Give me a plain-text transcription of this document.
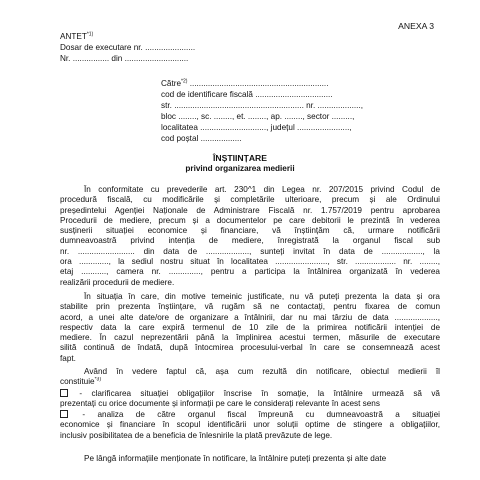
ANEXA 3
ANTET$^{*1)}$
Dosar de executare nr. ......................
Nr. ................ din ............................
Către$^{*2)}$ .............................................................
cod de identificare fiscală ..................................
str. ......................................................... nr. ...................,
bloc ........, sc. ........, et. ........, ap. ........, sector .........,
localitatea ............................., județul .......................,
cod poștal ..................
ÎNȘTIINȚARE
privind organizarea medierii
În conformitate cu prevederile art. 230^1 din Legea nr. 207/2015 privind Codul de
procedură fiscală, cu modificările și completările ulterioare, precum și ale Ordinului
președintelui Agenției Naționale de Administrare Fiscală nr. 1.757/2019 pentru aprobarea
Procedurii de mediere, precum și a documentelor pe care debitorii le prezintă în vederea
susținerii situației economice și financiare, vă înștiințăm că, urmare notificării
dumneavoastră privind intenția de mediere, înregistrată la organul fiscal sub
nr. ......................... din data de ..................., sunteți invitat în data de .................., la
ora ............., la sediul nostru situat în localitatea ......................., str. .................. nr. ........,
etaj ..........., camera nr. .............., pentru a participa la întâlnirea organizată în vederea
realizării procedurii de mediere.
În situația în care, din motive temeinic justificate, nu vă puteți prezenta la data și ora
stabilite prin prezenta înștiințare, vă rugăm să ne contactați, pentru fixarea de comun
acord, a unei alte date/ore de organizare a întâlnirii, dar nu mai târziu de data ...................,
respectiv data la care expiră termenul de 10 zile de la primirea notificării intenției de
mediere. În cazul neprezentării până la împlinirea acestui termen, măsurile de executare
silită continuă de îndată, după întocmirea procesului-verbal în care se consemnează acest
fapt.
Având în vedere faptul că, așa cum rezultă din notificare, obiectul medierii îl
constituie$^{*3)}$
- clarificarea situației obligațiilor înscrise în somație, la întâlnire urmează să vă
prezentați cu orice documente și informații pe care le considerați relevante în acest sens
- analiza de către organul fiscal împreună cu dumneavoastră a situației
economice și financiare în scopul identificării unor soluții optime de stingere a obligațiilor,
inclusiv posibilitatea de a beneficia de înlesnirile la plată prevăzute de lege.
Pe lângă informațiile menționate în notificare, la întâlnire puteți prezenta și alte date
